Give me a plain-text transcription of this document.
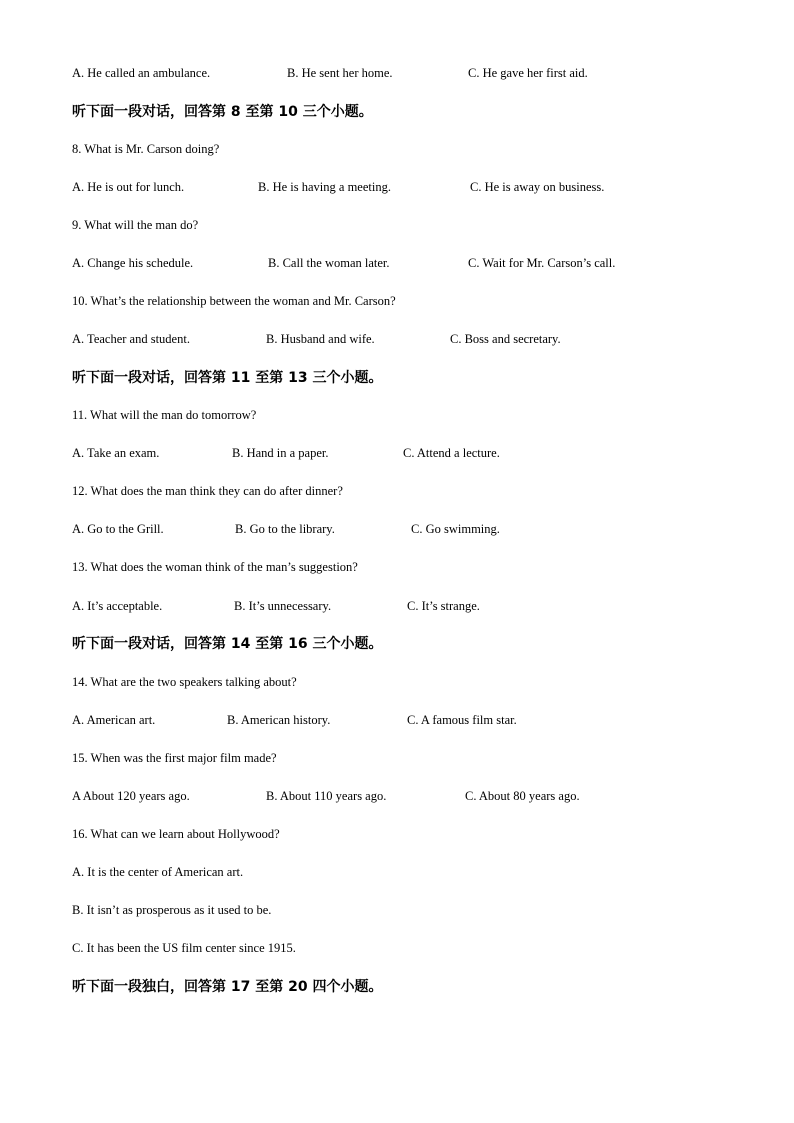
A. He called an ambulance.	B. He sent her home.	C. He gave her first aid.
听下面一段对话，回答第 8 至第 10 三个小题。
8. What is Mr. Carson doing?
A. He is out for lunch.	B. He is having a meeting.	C. He is away on business.
9. What will the man do?
A. Change his schedule.	B. Call the woman later.	C. Wait for Mr. Carson’s call.
10. What’s the relationship between the woman and Mr. Carson?
A. Teacher and student.	B. Husband and wife.	C. Boss and secretary.
听下面一段对话，回答第 11 至第 13 三个小题。
11. What will the man do tomorrow?
A. Take an exam.	B. Hand in a paper.	C. Attend a lecture.
12. What does the man think they can do after dinner?
A. Go to the Grill.	B. Go to the library.	C. Go swimming.
13. What does the woman think of the man’s suggestion?
A. It’s acceptable.	B. It’s unnecessary.	C. It’s strange.
听下面一段对话，回答第 14 至第 16 三个小题。
14. What are the two speakers talking about?
A. American art.	B. American history.	C. A famous film star.
15. When was the first major film made?
A About 120 years ago.	B. About 110 years ago.	C. About 80 years ago.
16. What can we learn about Hollywood?
A. It is the center of American art.
B. It isn’t as prosperous as it used to be.
C. It has been the US film center since 1915.
听下面一段独白，回答第 17 至第 20 四个小题。
